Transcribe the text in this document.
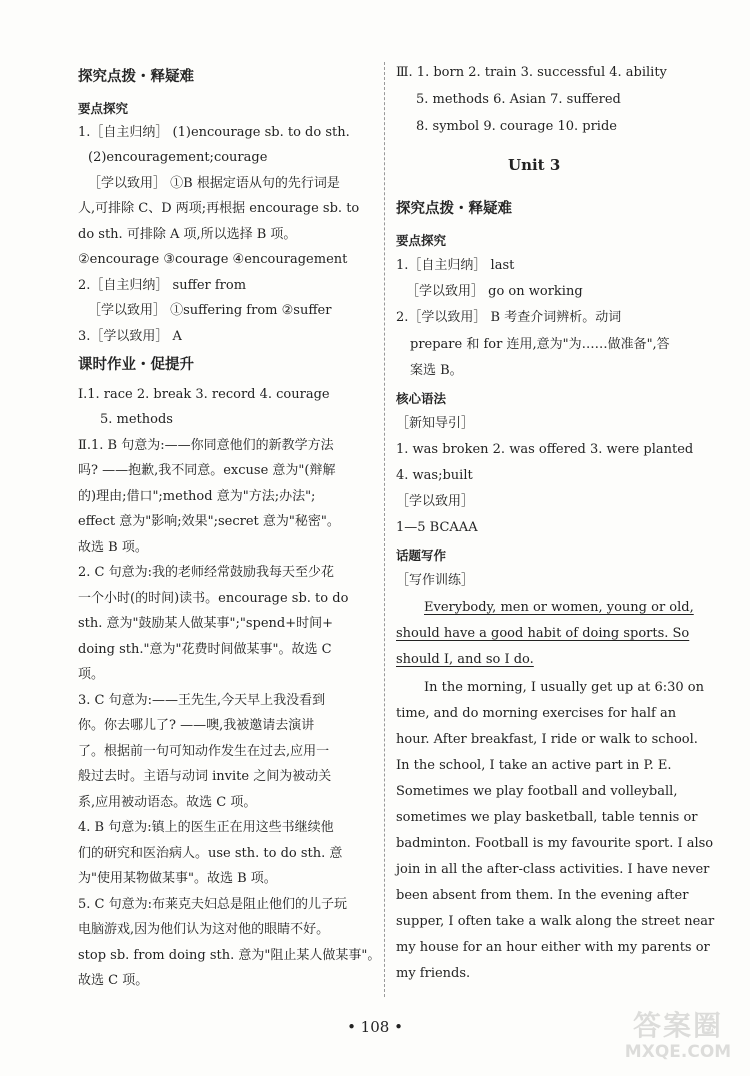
探究点拨・释疑难
要点探究
1.［自主归纳］ (1)encourage sb. to do sth.
(2)encouragement;courage
［学以致用］ ①B 根据定语从句的先行词是
人,可排除 C、D 两项;再根据 encourage sb. to
do sth. 可排除 A 项,所以选择 B 项。
②encourage ③courage ④encouragement
2.［自主归纳］ suffer from
［学以致用］ ①suffering from ②suffer
3.［学以致用］ A
课时作业・促提升
Ⅰ.1. race 2. break 3. record 4. courage
5. methods
Ⅱ.1. B 句意为:——你同意他们的新教学方法
吗? ——抱歉,我不同意。excuse 意为"(辩解
的)理由;借口";method 意为"方法;办法";
effect 意为"影响;效果";secret 意为"秘密"。
故选 B 项。
2. C 句意为:我的老师经常鼓励我每天至少花
一个小时(的时间)读书。encourage sb. to do
sth. 意为"鼓励某人做某事";"spend+时间+
doing sth."意为"花费时间做某事"。故选 C
项。
3. C 句意为:——王先生,今天早上我没看到
你。你去哪儿了? ——噢,我被邀请去演讲
了。根据前一句可知动作发生在过去,应用一
般过去时。主语与动词 invite 之间为被动关
系,应用被动语态。故选 C 项。
4. B 句意为:镇上的医生正在用这些书继续他
们的研究和医治病人。use sth. to do sth. 意
为"使用某物做某事"。故选 B 项。
5. C 句意为:布莱克夫妇总是阻止他们的儿子玩
电脑游戏,因为他们认为这对他的眼睛不好。
stop sb. from doing sth. 意为"阻止某人做某事"。
故选 C 项。
Ⅲ. 1. born 2. train 3. successful 4. ability
5. methods 6. Asian 7. suffered
8. symbol 9. courage 10. pride
Unit 3
探究点拨・释疑难
要点探究
1.［自主归纳］ last
［学以致用］ go on working
2.［学以致用］ B 考查介词辨析。动词
prepare 和 for 连用,意为"为……做准备",答
案选 B。
核心语法
［新知导引］
1. was broken 2. was offered 3. were planted
4. was;built
［学以致用］
1—5 BCAAA
话题写作
［写作训练］
Everybody, men or women, young or old,
should have a good habit of doing sports. So
should I, and so I do.
In the morning, I usually get up at 6:30 on
time, and do morning exercises for half an
hour. After breakfast, I ride or walk to school.
In the school, I take an active part in P. E.
Sometimes we play football and volleyball,
sometimes we play basketball, table tennis or
badminton. Football is my favourite sport. I also
join in all the after-class activities. I have never
been absent from them. In the evening after
supper, I often take a walk along the street near
my house for an hour either with my parents or
my friends.
• 108 •	答案圈
MXQE.COM
